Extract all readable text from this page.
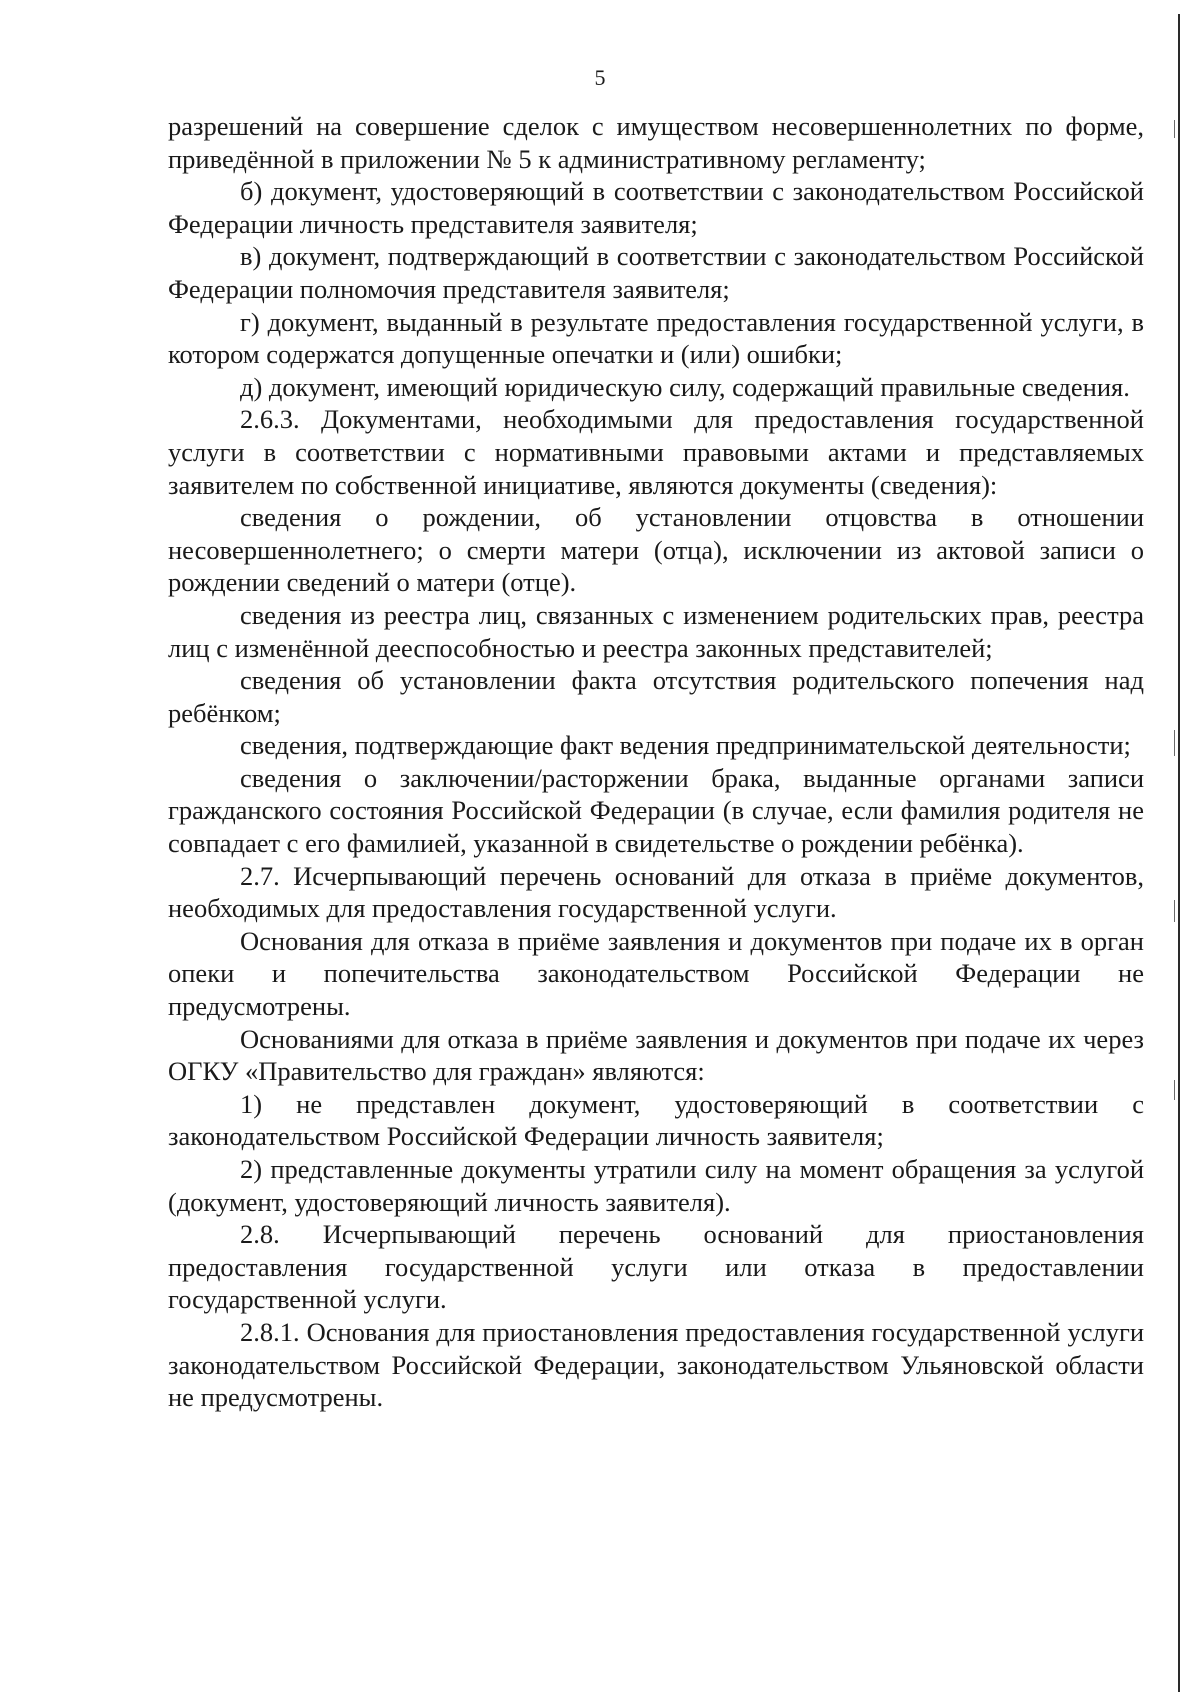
5

разрешений на совершение сделок с имуществом несовершеннолетних по форме, приведённой в приложении № 5 к административному регламенту;

б) документ, удостоверяющий в соответствии с законодательством Российской Федерации личность представителя заявителя;

в) документ, подтверждающий в соответствии с законодательством Российской Федерации полномочия представителя заявителя;

г) документ, выданный в результате предоставления государственной услуги, в котором содержатся допущенные опечатки и (или) ошибки;

д) документ, имеющий юридическую силу, содержащий правильные сведения.

2.6.3. Документами, необходимыми для предоставления государственной услуги в соответствии с нормативными правовыми актами и представляемых заявителем по собственной инициативе, являются документы (сведения):

сведения о рождении, об установлении отцовства в отношении несовершеннолетнего; о смерти матери (отца), исключении из актовой записи о рождении сведений о матери (отце).

сведения из реестра лиц, связанных с изменением родительских прав, реестра лиц с изменённой дееспособностью и реестра законных представителей;

сведения об установлении факта отсутствия родительского попечения над ребёнком;

сведения, подтверждающие факт ведения предпринимательской деятельности;

сведения о заключении/расторжении брака, выданные органами записи гражданского состояния Российской Федерации (в случае, если фамилия родителя не совпадает с его фамилией, указанной в свидетельстве о рождении ребёнка).

2.7. Исчерпывающий перечень оснований для отказа в приёме документов, необходимых для предоставления государственной услуги.

Основания для отказа в приёме заявления и документов при подаче их в орган опеки и попечительства законодательством Российской Федерации не предусмотрены.

Основаниями для отказа в приёме заявления и документов при подаче их через ОГКУ «Правительство для граждан» являются:

1) не представлен документ, удостоверяющий в соответствии с законодательством Российской Федерации личность заявителя;

2) представленные документы утратили силу на момент обращения за услугой (документ, удостоверяющий личность заявителя).

2.8. Исчерпывающий перечень оснований для приостановления предоставления государственной услуги или отказа в предоставлении государственной услуги.

2.8.1. Основания для приостановления предоставления государственной услуги законодательством Российской Федерации, законодательством Ульяновской области не предусмотрены.
